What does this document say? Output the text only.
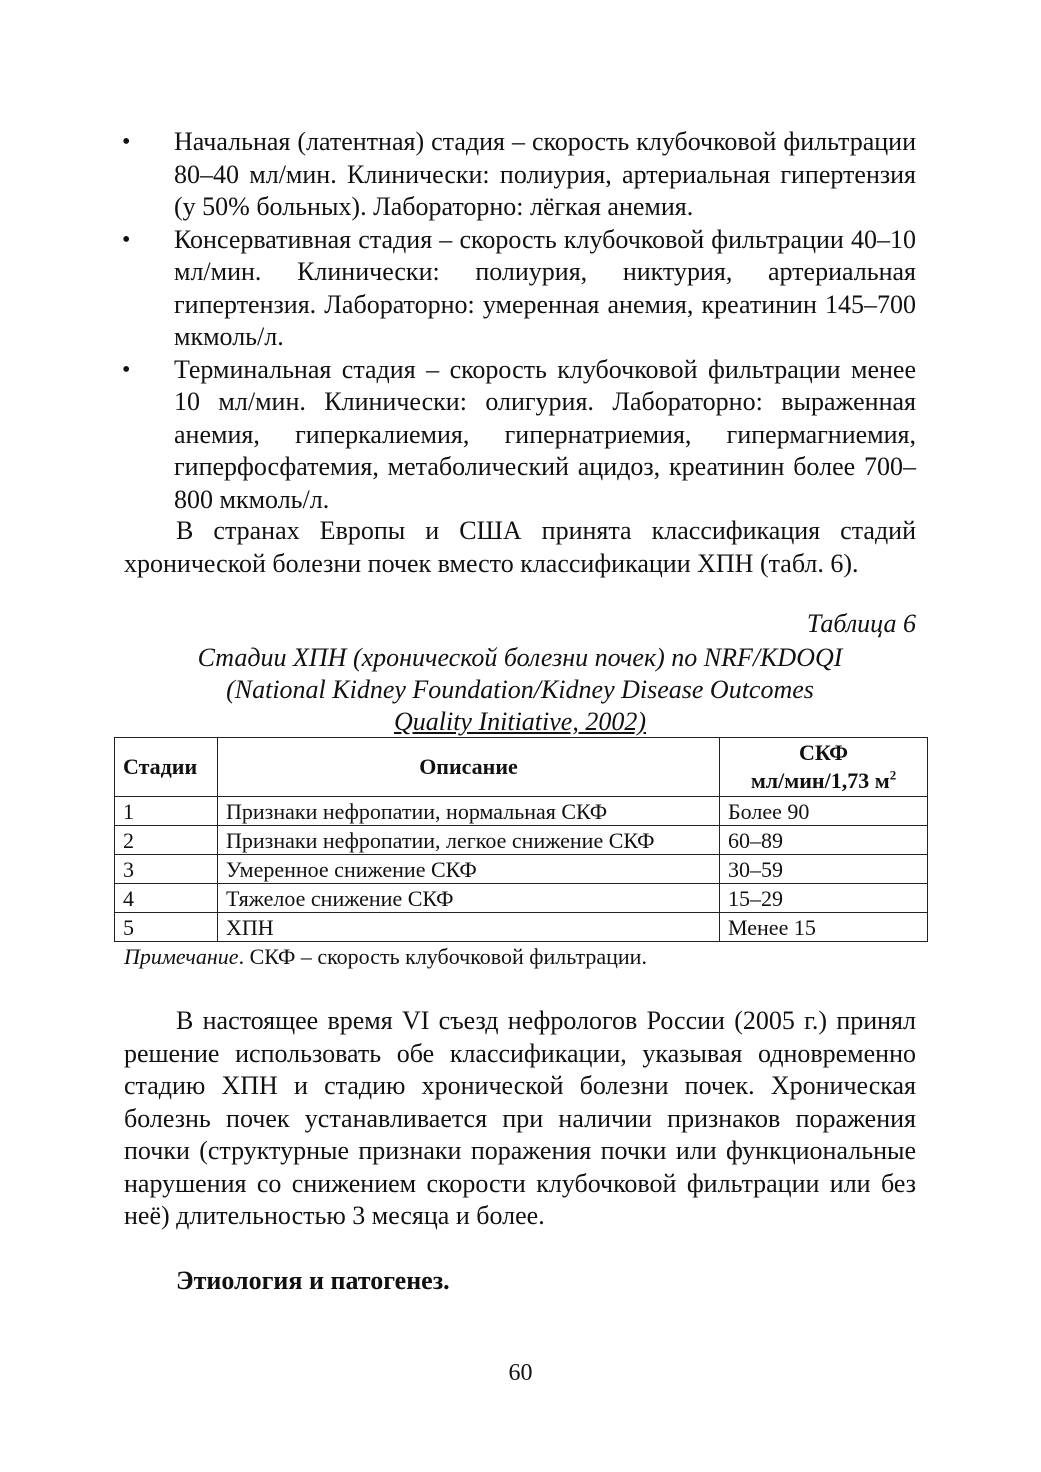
• Начальная (латентная) стадия – скорость клубочковой фильтрации 80–40 мл/мин. Клинически: полиурия, артериальная гипертензия (у 50% больных). Лабораторно: лёгкая анемия.
• Консервативная стадия – скорость клубочковой фильтрации 40–10 мл/мин. Клинически: полиурия, никтурия, артериальная гипертензия. Лабораторно: умеренная анемия, креатинин 145–700 мкмоль/л.
• Терминальная стадия – скорость клубочковой фильтрации менее 10 мл/мин. Клинически: олигурия. Лабораторно: выраженная анемия, гиперкалиемия, гипернатриемия, гипермагниемия, гиперфосфатемия, метаболический ацидоз, креатинин более 700–800 мкмоль/л.

В странах Европы и США принята классификация стадий хронической болезни почек вместо классификации ХПН (табл. 6).

Таблица 6
Стадии ХПН (хронической болезни почек) по NRF/KDOQI
(National Kidney Foundation/Kidney Disease Outcomes
Quality Initiative, 2002)
Стадии	Описание	СКФ
мл/мин/1,73 $м^2$

1	Признаки нефропатии, нормальная СКФ	Более 90
2	Признаки нефропатии, легкое снижение СКФ	60–89
3	Умеренное снижение СКФ	30–59
4	Тяжелое снижение СКФ	15–29
5	ХПН	Менее 15
Примечание. СКФ – скорость клубочковой фильтрации.

В настоящее время VI съезд нефрологов России (2005 г.) принял решение использовать обе классификации, указывая одновременно стадию ХПН и стадию хронической болезни почек. Хроническая болезнь почек устанавливается при наличии признаков поражения почки (структурные признаки поражения почки или функциональные нарушения со снижением скорости клубочковой фильтрации или без неё) длительностью 3 месяца и более.

Этиология и патогенез.
60
